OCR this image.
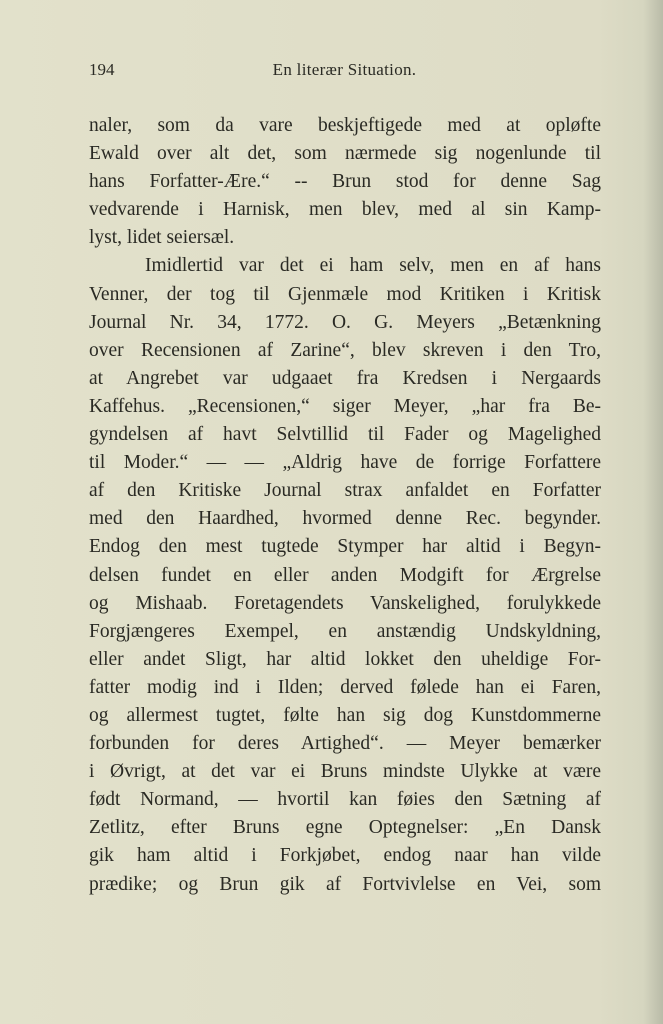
194	En literær Situation.
naler, som da vare beskjeftigede med at opløfte
Ewald over alt det, som nærmede sig nogenlunde til
hans Forfatter-Ære.“ -- Brun stod for denne Sag
vedvarende i Harnisk, men blev, med al sin Kamp-
lyst, lidet seiersæl.
Imidlertid var det ei ham selv, men en af hans
Venner, der tog til Gjenmæle mod Kritiken i Kritisk
Journal Nr. 34, 1772. O. G. Meyers „Betænkning
over Recensionen af Zarine“, blev skreven i den Tro,
at Angrebet var udgaaet fra Kredsen i Nergaards
Kaffehus. „Recensionen,“ siger Meyer, „har fra Be-
gyndelsen af havt Selvtillid til Fader og Magelighed
til Moder.“ — — „Aldrig have de forrige Forfattere
af den Kritiske Journal strax anfaldet en Forfatter
med den Haardhed, hvormed denne Rec. begynder.
Endog den mest tugtede Stymper har altid i Begyn-
delsen fundet en eller anden Modgift for Ærgrelse
og Mishaab. Foretagendets Vanskelighed, forulykkede
Forgjængeres Exempel, en anstændig Undskyldning,
eller andet Sligt, har altid lokket den uheldige For-
fatter modig ind i Ilden; derved følede han ei Faren,
og allermest tugtet, følte han sig dog Kunstdommerne
forbunden for deres Artighed“. — Meyer bemærker
i Øvrigt, at det var ei Bruns mindste Ulykke at være
født Normand, — hvortil kan føies den Sætning af
Zetlitz, efter Bruns egne Optegnelser: „En Dansk
gik ham altid i Forkjøbet, endog naar han vilde
prædike; og Brun gik af Fortvivlelse en Vei, som
